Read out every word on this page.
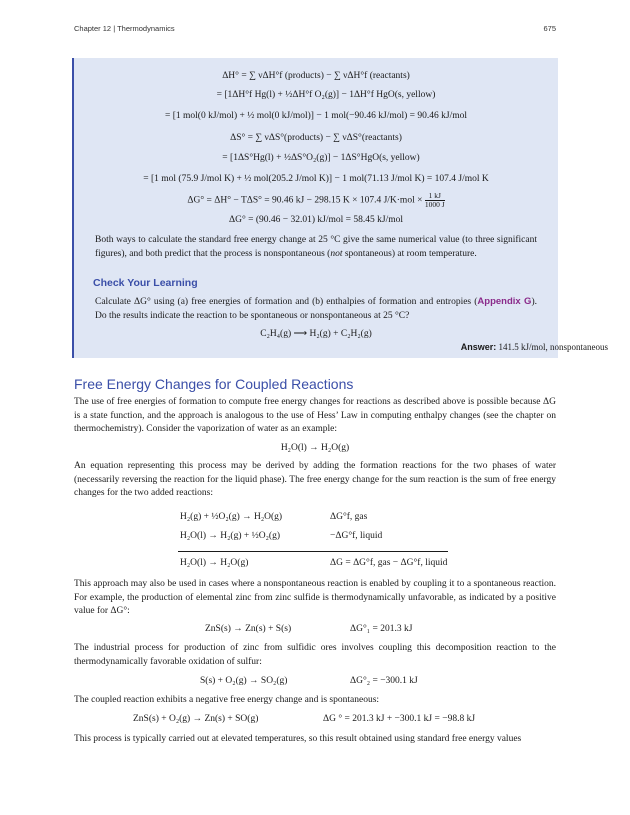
Chapter 12 | Thermodynamics	675
ΔH° = ∑ νΔH°f (products) − ∑ νΔH°f (reactants)
= [1ΔH°f Hg(l) + ½ΔH°f O₂(g)] − 1ΔH°f HgO(s, yellow)
= [1 mol(0 kJ/mol) + ½ mol(0 kJ/mol)] − 1 mol(−90.46 kJ/mol) = 90.46 kJ/mol
ΔS° = ∑ νΔS°(products) − ∑ νΔS°(reactants)
= [1ΔS°Hg(l) + ½ΔS°O₂(g)] − 1ΔS°HgO(s, yellow)
= [1 mol (75.9 J/mol K) + ½ mol(205.2 J/mol K)] − 1 mol(71.13 J/mol K) = 107.4 J/mol K
ΔG° = ΔH° − TΔS° = 90.46 kJ − 298.15 K × 107.4 $J/K\cdot mol \times \frac{1 kJ}{1000 J}$
ΔG° = (90.46 − 32.01) kJ/mol = 58.45 kJ/mol

Both ways to calculate the standard free energy change at 25 °C give the same numerical value (to three significant figures), and both predict that the process is nonspontaneous (not spontaneous) at room temperature.

Calculate ΔG° using (a) free energies of formation and (b) enthalpies of formation and entropies (Appendix G). Do the results indicate the reaction to be spontaneous or nonspontaneous at 25 °C?

C₂H₄(g) ⟶ H₂(g) + C₂H₂(g)
Check Your Learning
Answer: 141.5 kJ/mol, nonspontaneous
Free Energy Changes for Coupled Reactions

The use of free energies of formation to compute free energy changes for reactions as described above is possible because ΔG is a state function, and the approach is analogous to the use of Hess’ Law in computing enthalpy changes (see the chapter on thermochemistry). Consider the vaporization of water as an example:

H₂O(l) → H₂O(g)

An equation representing this process may be derived by adding the formation reactions for the two phases of water (necessarily reversing the reaction for the liquid phase). The free energy change for the sum reaction is the sum of free energy changes for the two added reactions:

H₂(g) + ½O₂(g) → H₂O(g)	ΔG°f, gas
H₂O(l) → H₂(g) + ½O₂(g)	−ΔG°f, liquid
H₂O(l) → H₂O(g)	ΔG = ΔG°f, gas − ΔG°f, liquid

This approach may also be used in cases where a nonspontaneous reaction is enabled by coupling it to a spontaneous reaction. For example, the production of elemental zinc from zinc sulfide is thermodynamically unfavorable, as indicated by a positive value for ΔG°:

ZnS(s) → Zn(s) + S(s)	ΔG°₁ = 201.3 kJ

The industrial process for production of zinc from sulfidic ores involves coupling this decomposition reaction to the thermodynamically favorable oxidation of sulfur:

S(s) + O₂(g) → SO₂(g)	ΔG°₂ = −300.1 kJ

The coupled reaction exhibits a negative free energy change and is spontaneous:

ZnS(s) + O₂(g) → Zn(s) + SO(g)	ΔG ° = 201.3 kJ + −300.1 kJ = −98.8 kJ

This process is typically carried out at elevated temperatures, so this result obtained using standard free energy values
